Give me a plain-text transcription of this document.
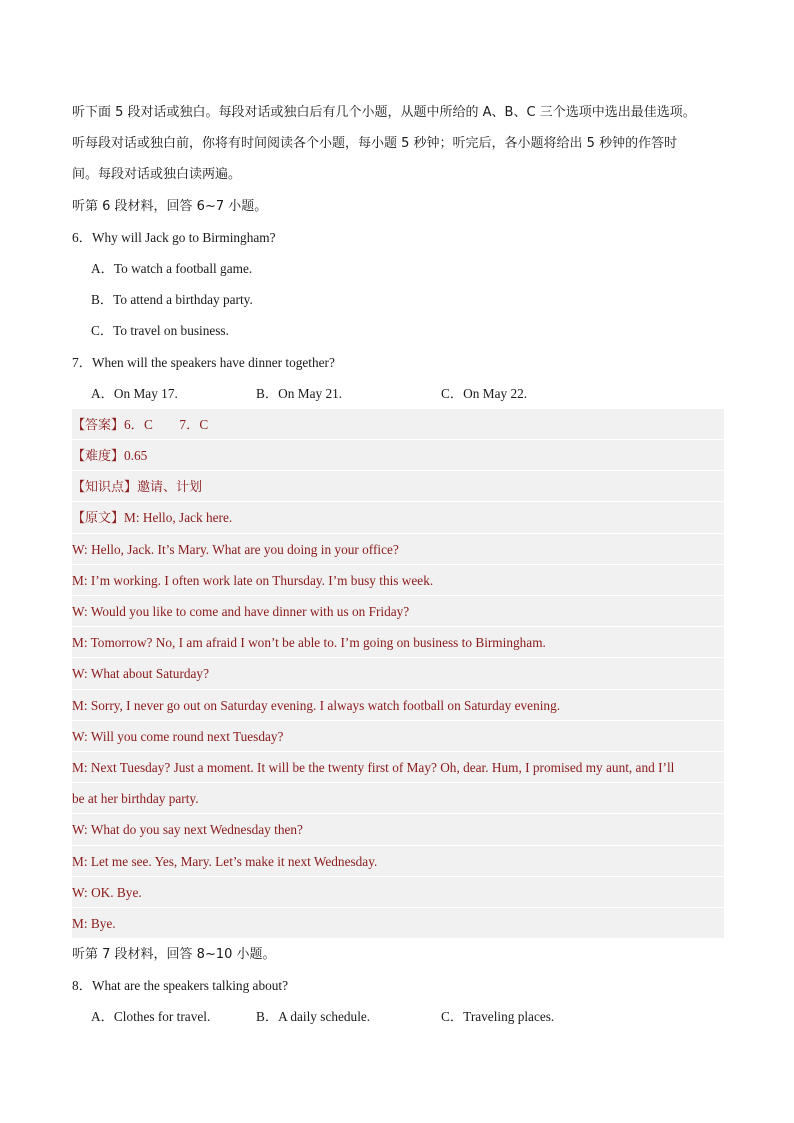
听下面 5 段对话或独白。每段对话或独白后有几个小题，从题中所给的 A、B、C 三个选项中选出最佳选项。
听每段对话或独白前，你将有时间阅读各个小题，每小题 5 秒钟；听完后，各小题将给出 5 秒钟的作答时
间。每段对话或独白读两遍。
听第 6 段材料，回答 6~7 小题。
6．Why will Jack go to Birmingham?
A．To watch a football game.
B．To attend a birthday party.
C．To travel on business.
7．When will the speakers have dinner together?
A．On May 17.	B．On May 21.	C．On May 22.
【答案】6．C　　7．C
【难度】0.65
【知识点】邀请、计划
【原文】M: Hello, Jack here.
W: Hello, Jack. It’s Mary. What are you doing in your office?
M: I’m working. I often work late on Thursday. I’m busy this week.
W: Would you like to come and have dinner with us on Friday?
M: Tomorrow? No, I am afraid I won’t be able to. I’m going on business to Birmingham.
W: What about Saturday?
M: Sorry, I never go out on Saturday evening. I always watch football on Saturday evening.
W: Will you come round next Tuesday?
M: Next Tuesday? Just a moment. It will be the twenty first of May? Oh, dear. Hum, I promised my aunt, and I’ll
be at her birthday party.
W: What do you say next Wednesday then?
M: Let me see. Yes, Mary. Let’s make it next Wednesday.
W: OK. Bye.
M: Bye.
听第 7 段材料，回答 8~10 小题。
8．What are the speakers talking about?
A．Clothes for travel.	B．A daily schedule.	C．Traveling places.
